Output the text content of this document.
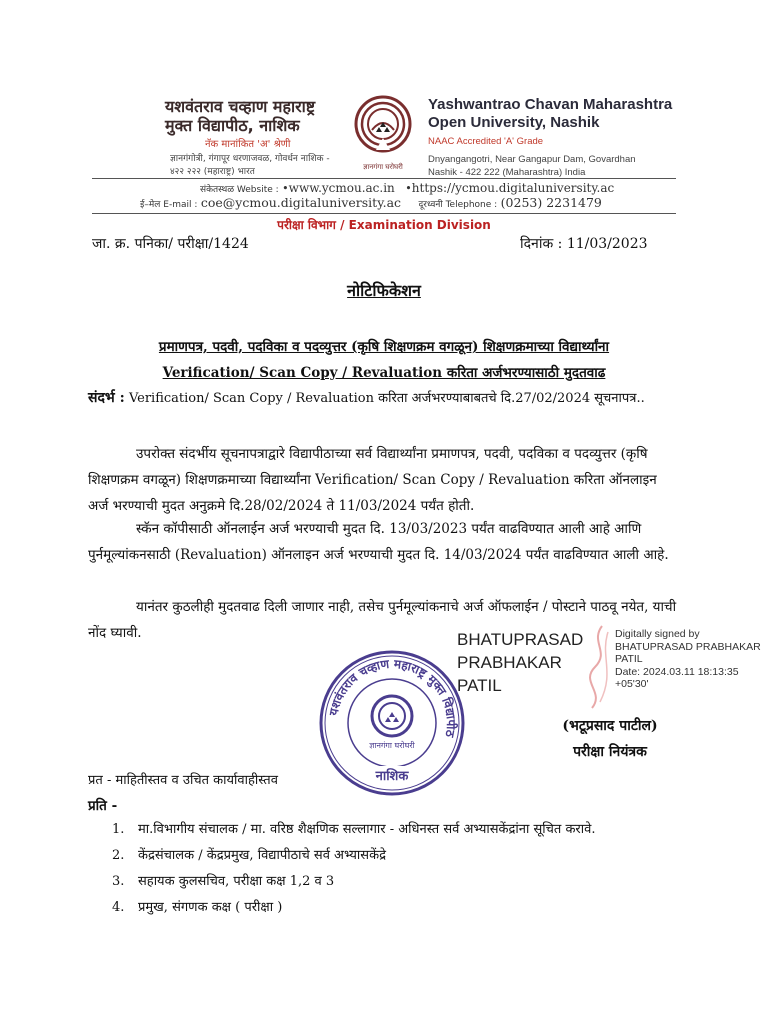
यशवंतराव चव्हाण महाराष्ट्र
मुक्त विद्यापीठ, नाशिक
नॅक मानांकित 'अ' श्रेणी
ज्ञानगंगोत्री, गंगापूर धरणाजवळ, गोवर्धन नाशिक - ४२२ २२२ (महाराष्ट्र) भारत	ज्ञानगंगा घरोघरी
Yashwantrao Chavan Maharashtra
Open University, Nashik
NAAC Accredited 'A' Grade
Dnyangangotri, Near Gangapur Dam, Govardhan Nashik - 422 222 (Maharashtra) India
संकेतस्थळ Website : •www.ycmou.ac.in •https://ycmou.digitaluniversity.ac
ई–मेल E-mail : coe@ycmou.digitaluniversity.ac दूरध्वनी Telephone : (0253) 2231479
परीक्षा विभाग / Examination Division
जा. क्र. पनिका/ परीक्षा/1424	दिनांक : 11/03/2023
नोटिफिकेशन
प्रमाणपत्र, पदवी, पदविका व पदव्युत्तर (कृषि शिक्षणक्रम वगळून) शिक्षणक्रमाच्या विद्यार्थ्यांना
Verification/ Scan Copy / Revaluation करिता अर्जभरण्यासाठी मुदतवाढ
संदर्भ : Verification/ Scan Copy / Revaluation करिता अर्जभरण्याबाबतचे दि.27/02/2024 सूचनापत्र..
उपरोक्त संदर्भीय सूचनापत्राद्वारे विद्यापीठाच्या सर्व विद्यार्थ्यांना प्रमाणपत्र, पदवी, पदविका व पदव्युत्तर (कृषि शिक्षणक्रम वगळून) शिक्षणक्रमाच्या विद्यार्थ्यांना Verification/ Scan Copy / Revaluation करिता ऑनलाइन अर्ज भरण्याची मुदत अनुक्रमे दि.28/02/2024 ते 11/03/2024 पर्यंत होती.
स्कॅन कॉपीसाठी ऑनलाईन अर्ज भरण्याची मुदत दि. 13/03/2023 पर्यंत वाढविण्यात आली आहे आणि पुर्नमूल्यांकनसाठी (Revaluation) ऑनलाइन अर्ज भरण्याची मुदत दि. 14/03/2024 पर्यंत वाढविण्यात आली आहे.
यानंतर कुठलीही मुदतवाढ दिली जाणार नाही, तसेच पुर्नमूल्यांकनाचे अर्ज ऑफलाईन / पोस्टाने पाठवू नयेत, याची नोंद घ्यावी.
यशवंतराव चव्हाण महाराष्ट्र मुक्त विद्यापीठ
ज्ञानगंगा घरोघरी
नाशिक
BHATUPRASAD
PRABHAKAR
PATIL
Digitally signed by
BHATUPRASAD PRABHAKAR
PATIL
Date: 2024.03.11 18:13:35
+05'30'
(भटूप्रसाद पाटील)
परीक्षा नियंत्रक
प्रत - माहितीस्तव व उचित कार्यावाहीस्तव
प्रति -
1. मा.विभागीय संचालक / मा. वरिष्ठ शैक्षणिक सल्लागार - अधिनस्त सर्व अभ्यासकेंद्रांना सूचित करावे.
2. केंद्रसंचालक / केंद्रप्रमुख, विद्यापीठाचे सर्व अभ्यासकेंद्रे
3. सहायक कुलसचिव, परीक्षा कक्ष 1,2 व 3
4. प्रमुख, संगणक कक्ष ( परीक्षा )
